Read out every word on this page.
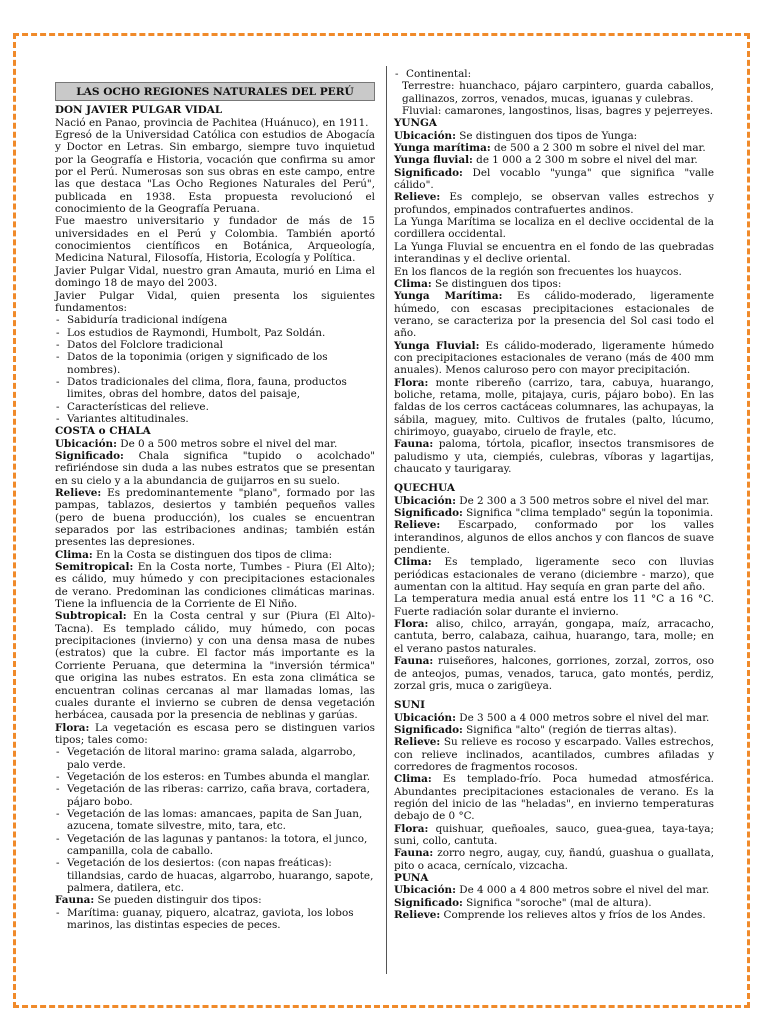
LAS OCHO REGIONES NATURALES DEL PERÚ

DON JAVIER PULGAR VIDAL

Nació en Panao, provincia de Pachitea (Huánuco), en 1911.

Egresó de la Universidad Católica con estudios de Abogacía y Doctor en Letras. Sin embargo, siempre tuvo inquietud por la Geografía e Historia, vocación que confirma su amor por el Perú. Numerosas son sus obras en este campo, entre las que destaca "Las Ocho Regiones Naturales del Perú", publicada en 1938. Esta propuesta revolucionó el conocimiento de la Geografía Peruana.

Fue maestro universitario y fundador de más de 15 universidades en el Perú y Colombia. También aportó conocimientos científicos en Botánica, Arqueología, Medicina Natural, Filosofía, Historia, Ecología y Política.

Javier Pulgar Vidal, nuestro gran Amauta, murió en Lima el domingo 18 de mayo del 2003.

Javier Pulgar Vidal, quien presenta los siguientes fundamentos:

- Sabiduría tradicional indígena
- Los estudios de Raymondi, Humbolt, Paz Soldán.
- Datos del Folclore tradicional
- Datos de la toponimia (origen y significado de los nombres).
- Datos tradicionales del clima, flora, fauna, productos limites, obras del hombre, datos del paisaje,
- Características del relieve.
- Variantes altitudinales.

COSTA o CHALA

Ubicación: De 0 a 500 metros sobre el nivel del mar.

Significado: Chala significa "tupido o acolchado" refiriéndose sin duda a las nubes estratos que se presentan en su cielo y a la abundancia de guijarros en su suelo.

Relieve: Es predominantemente "plano", formado por las pampas, tablazos, desiertos y también pequeños valles (pero de buena producción), los cuales se encuentran separados por las estribaciones andinas; también están presentes las depresiones.

Clima: En la Costa se distinguen dos tipos de clima:

Semitropical: En la Costa norte, Tumbes - Piura (El Alto); es cálido, muy húmedo y con precipitaciones estacionales de verano. Predominan las condiciones climáticas marinas. Tiene la influencia de la Corriente de El Niño.

Subtropical: En la Costa central y sur (Piura (El Alto)- Tacna). Es templado cálido, muy húmedo, con pocas precipitaciones (invierno) y con una densa masa de nubes (estratos) que la cubre. El factor más importante es la Corriente Peruana, que determina la "inversión térmica" que origina las nubes estratos. En esta zona climática se encuentran colinas cercanas al mar llamadas lomas, las cuales durante el invierno se cubren de densa vegetación herbácea, causada por la presencia de neblinas y garúas.

Flora: La vegetación es escasa pero se distinguen varios tipos; tales como:

- Vegetación de litoral marino: grama salada, algarrobo, palo verde.
- Vegetación de los esteros: en Tumbes abunda el manglar.
- Vegetación de las riberas: carrizo, caña brava, cortadera, pájaro bobo.
- Vegetación de las lomas: amancaes, papita de San Juan, azucena, tomate silvestre, mito, tara, etc.
- Vegetación de las lagunas y pantanos: la totora, el junco, campanilla, cola de caballo.
- Vegetación de los desiertos: (con napas freáticas): tillandsias, cardo de huacas, algarrobo, huarango, sapote, palmera, datilera, etc.

Fauna: Se pueden distinguir dos tipos:

- Marítima: guanay, piquero, alcatraz, gaviota, los lobos marinos, las distintas especies de peces.
- Continental:

Terrestre: huanchaco, pájaro carpintero, guarda caballos, gallinazos, zorros, venados, mucas, iguanas y culebras.

Fluvial: camarones, langostinos, lisas, bagres y pejerreyes.

YUNGA

Ubicación: Se distinguen dos tipos de Yunga:

Yunga marítima: de 500 a 2 300 m sobre el nivel del mar.

Yunga fluvial: de 1 000 a 2 300 m sobre el nivel del mar.

Significado: Del vocablo "yunga" que significa "valle cálido".

Relieve: Es complejo, se observan valles estrechos y profundos, empinados contrafuertes andinos.

La Yunga Marítima se localiza en el declive occidental de la cordillera occidental.

La Yunga Fluvial se encuentra en el fondo de las quebradas interandinas y el declive oriental.

En los flancos de la región son frecuentes los huaycos.

Clima: Se distinguen dos tipos:

Yunga Marítima: Es cálido-moderado, ligeramente húmedo, con escasas precipitaciones estacionales de verano, se caracteriza por la presencia del Sol casi todo el año.

Yunga Fluvial: Es cálido-moderado, ligeramente húmedo con precipitaciones estacionales de verano (más de 400 mm anuales). Menos caluroso pero con mayor precipitación.

Flora: monte ribereño (carrizo, tara, cabuya, huarango, boliche, retama, molle, pitajaya, curis, pájaro bobo). En las faldas de los cerros cactáceas columnares, las achupayas, la sábila, maguey, mito. Cultivos de frutales (palto, lúcumo, chirimoyo, guayabo, ciruelo de frayle, etc.

Fauna: paloma, tórtola, picaflor, insectos transmisores de paludismo y uta, ciempiés, culebras, víboras y lagartijas, chaucato y taurigaray.

QUECHUA

Ubicación: De 2 300 a 3 500 metros sobre el nivel del mar.

Significado: Significa "clima templado" según la toponimia.

Relieve: Escarpado, conformado por los valles interandinos, algunos de ellos anchos y con flancos de suave pendiente.

Clima: Es templado, ligeramente seco con lluvias periódicas estacionales de verano (diciembre - marzo), que aumentan con la altitud. Hay sequía en gran parte del año.

La temperatura media anual está entre los 11 °C a 16 °C. Fuerte radiación solar durante el invierno.

Flora: aliso, chilco, arrayán, gongapa, maíz, arracacho, cantuta, berro, calabaza, caihua, huarango, tara, molle; en el verano pastos naturales.

Fauna: ruiseñores, halcones, gorriones, zorzal, zorros, oso de anteojos, pumas, venados, taruca, gato montés, perdiz, zorzal gris, muca o zarigüeya.

SUNI

Ubicación: De 3 500 a 4 000 metros sobre el nivel del mar.

Significado: Significa "alto" (región de tierras altas).

Relieve: Su relieve es rocoso y escarpado. Valles estrechos, con relieve inclinados, acantilados, cumbres afiladas y corredores de fragmentos rocosos.

Clima: Es templado-frío. Poca humedad atmosférica. Abundantes precipitaciones estacionales de verano. Es la región del inicio de las "heladas", en invierno temperaturas debajo de 0 °C.

Flora: quishuar, queñoales, sauco, guea-guea, taya-taya; suni, collo, cantuta.

Fauna: zorro negro, augay, cuy, ñandú, guashua o guallata, pito o acaca, cernícalo, vizcacha.

PUNA

Ubicación: De 4 000 a 4 800 metros sobre el nivel del mar.

Significado: Significa "soroche" (mal de altura).

Relieve: Comprende los relieves altos y fríos de los Andes.
